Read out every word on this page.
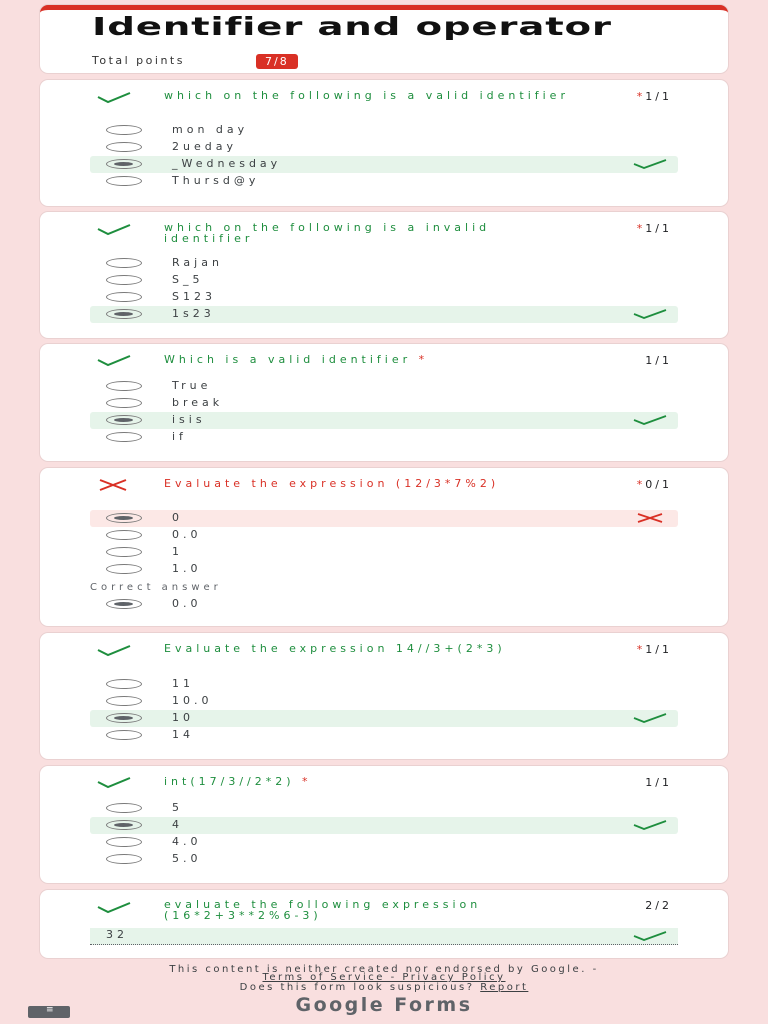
Identifier and operator
Total points	7/8
which on the following is a valid identifier	*1/1
mon day
2ueday
_Wednesday
Thursd@y
which on the following is a invalid identifier
*1/1
Rajan
S_5
S123
1s23
Which is a valid identifier *	1/1
True
break
isis
if
Evaluate the expression (12/3*7%2)	*0/1
0
0.0
1
1.0
Correct answer
0.0
Evaluate the expression 14//3+(2*3)	*1/1
11
10.0
10
14
int(17/3//2*2) *	1/1
5
4
4.0
5.0
evaluate the following expression (16*2+3**2%6-3)
2/2
32
This content is neither created nor endorsed by Google. -
Terms of Service - Privacy Policy
Does this form look suspicious? Report
Google Forms
≡
